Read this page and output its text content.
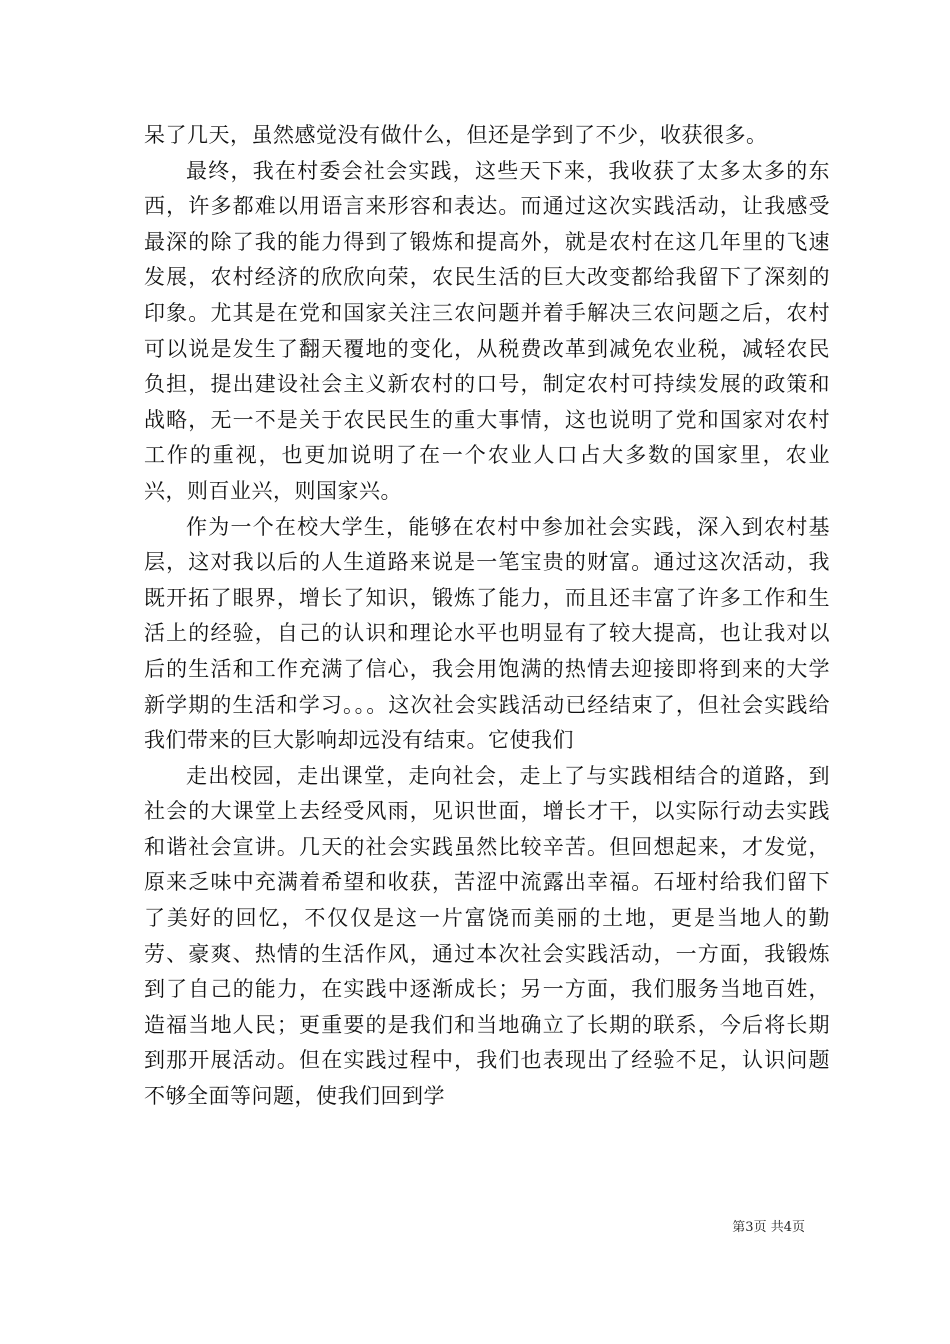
呆了几天，虽然感觉没有做什么，但还是学到了不少，收获很多。

最终，我在村委会社会实践，这些天下来，我收获了太多太多的东西，许多都难以用语言来形容和表达。而通过这次实践活动，让我感受最深的除了我的能力得到了锻炼和提高外，就是农村在这几年里的飞速发展，农村经济的欣欣向荣，农民生活的巨大改变都给我留下了深刻的印象。尤其是在党和国家关注三农问题并着手解决三农问题之后，农村可以说是发生了翻天覆地的变化，从税费改革到减免农业税，减轻农民负担，提出建设社会主义新农村的口号，制定农村可持续发展的政策和战略，无一不是关于农民民生的重大事情，这也说明了党和国家对农村工作的重视，也更加说明了在一个农业人口占大多数的国家里，农业兴，则百业兴，则国家兴。

作为一个在校大学生，能够在农村中参加社会实践，深入到农村基层，这对我以后的人生道路来说是一笔宝贵的财富。通过这次活动，我既开拓了眼界，增长了知识，锻炼了能力，而且还丰富了许多工作和生活上的经验，自己的认识和理论水平也明显有了较大提高，也让我对以后的生活和工作充满了信心，我会用饱满的热情去迎接即将到来的大学新学期的生活和学习。。。这次社会实践活动已经结束了，但社会实践给我们带来的巨大影响却远没有结束。它使我们

走出校园，走出课堂，走向社会，走上了与实践相结合的道路，到社会的大课堂上去经受风雨，见识世面，增长才干，以实际行动去实践和谐社会宣讲。几天的社会实践虽然比较辛苦。但回想起来，才发觉，原来乏味中充满着希望和收获，苦涩中流露出幸福。石垭村给我们留下了美好的回忆，不仅仅是这一片富饶而美丽的土地，更是当地人的勤劳、豪爽、热情的生活作风，通过本次社会实践活动，一方面，我锻炼到了自己的能力，在实践中逐渐成长；另一方面，我们服务当地百姓，造福当地人民；更重要的是我们和当地确立了长期的联系，今后将长期到那开展活动。但在实践过程中，我们也表现出了经验不足，认识问题不够全面等问题，使我们回到学

第3页 共4页
